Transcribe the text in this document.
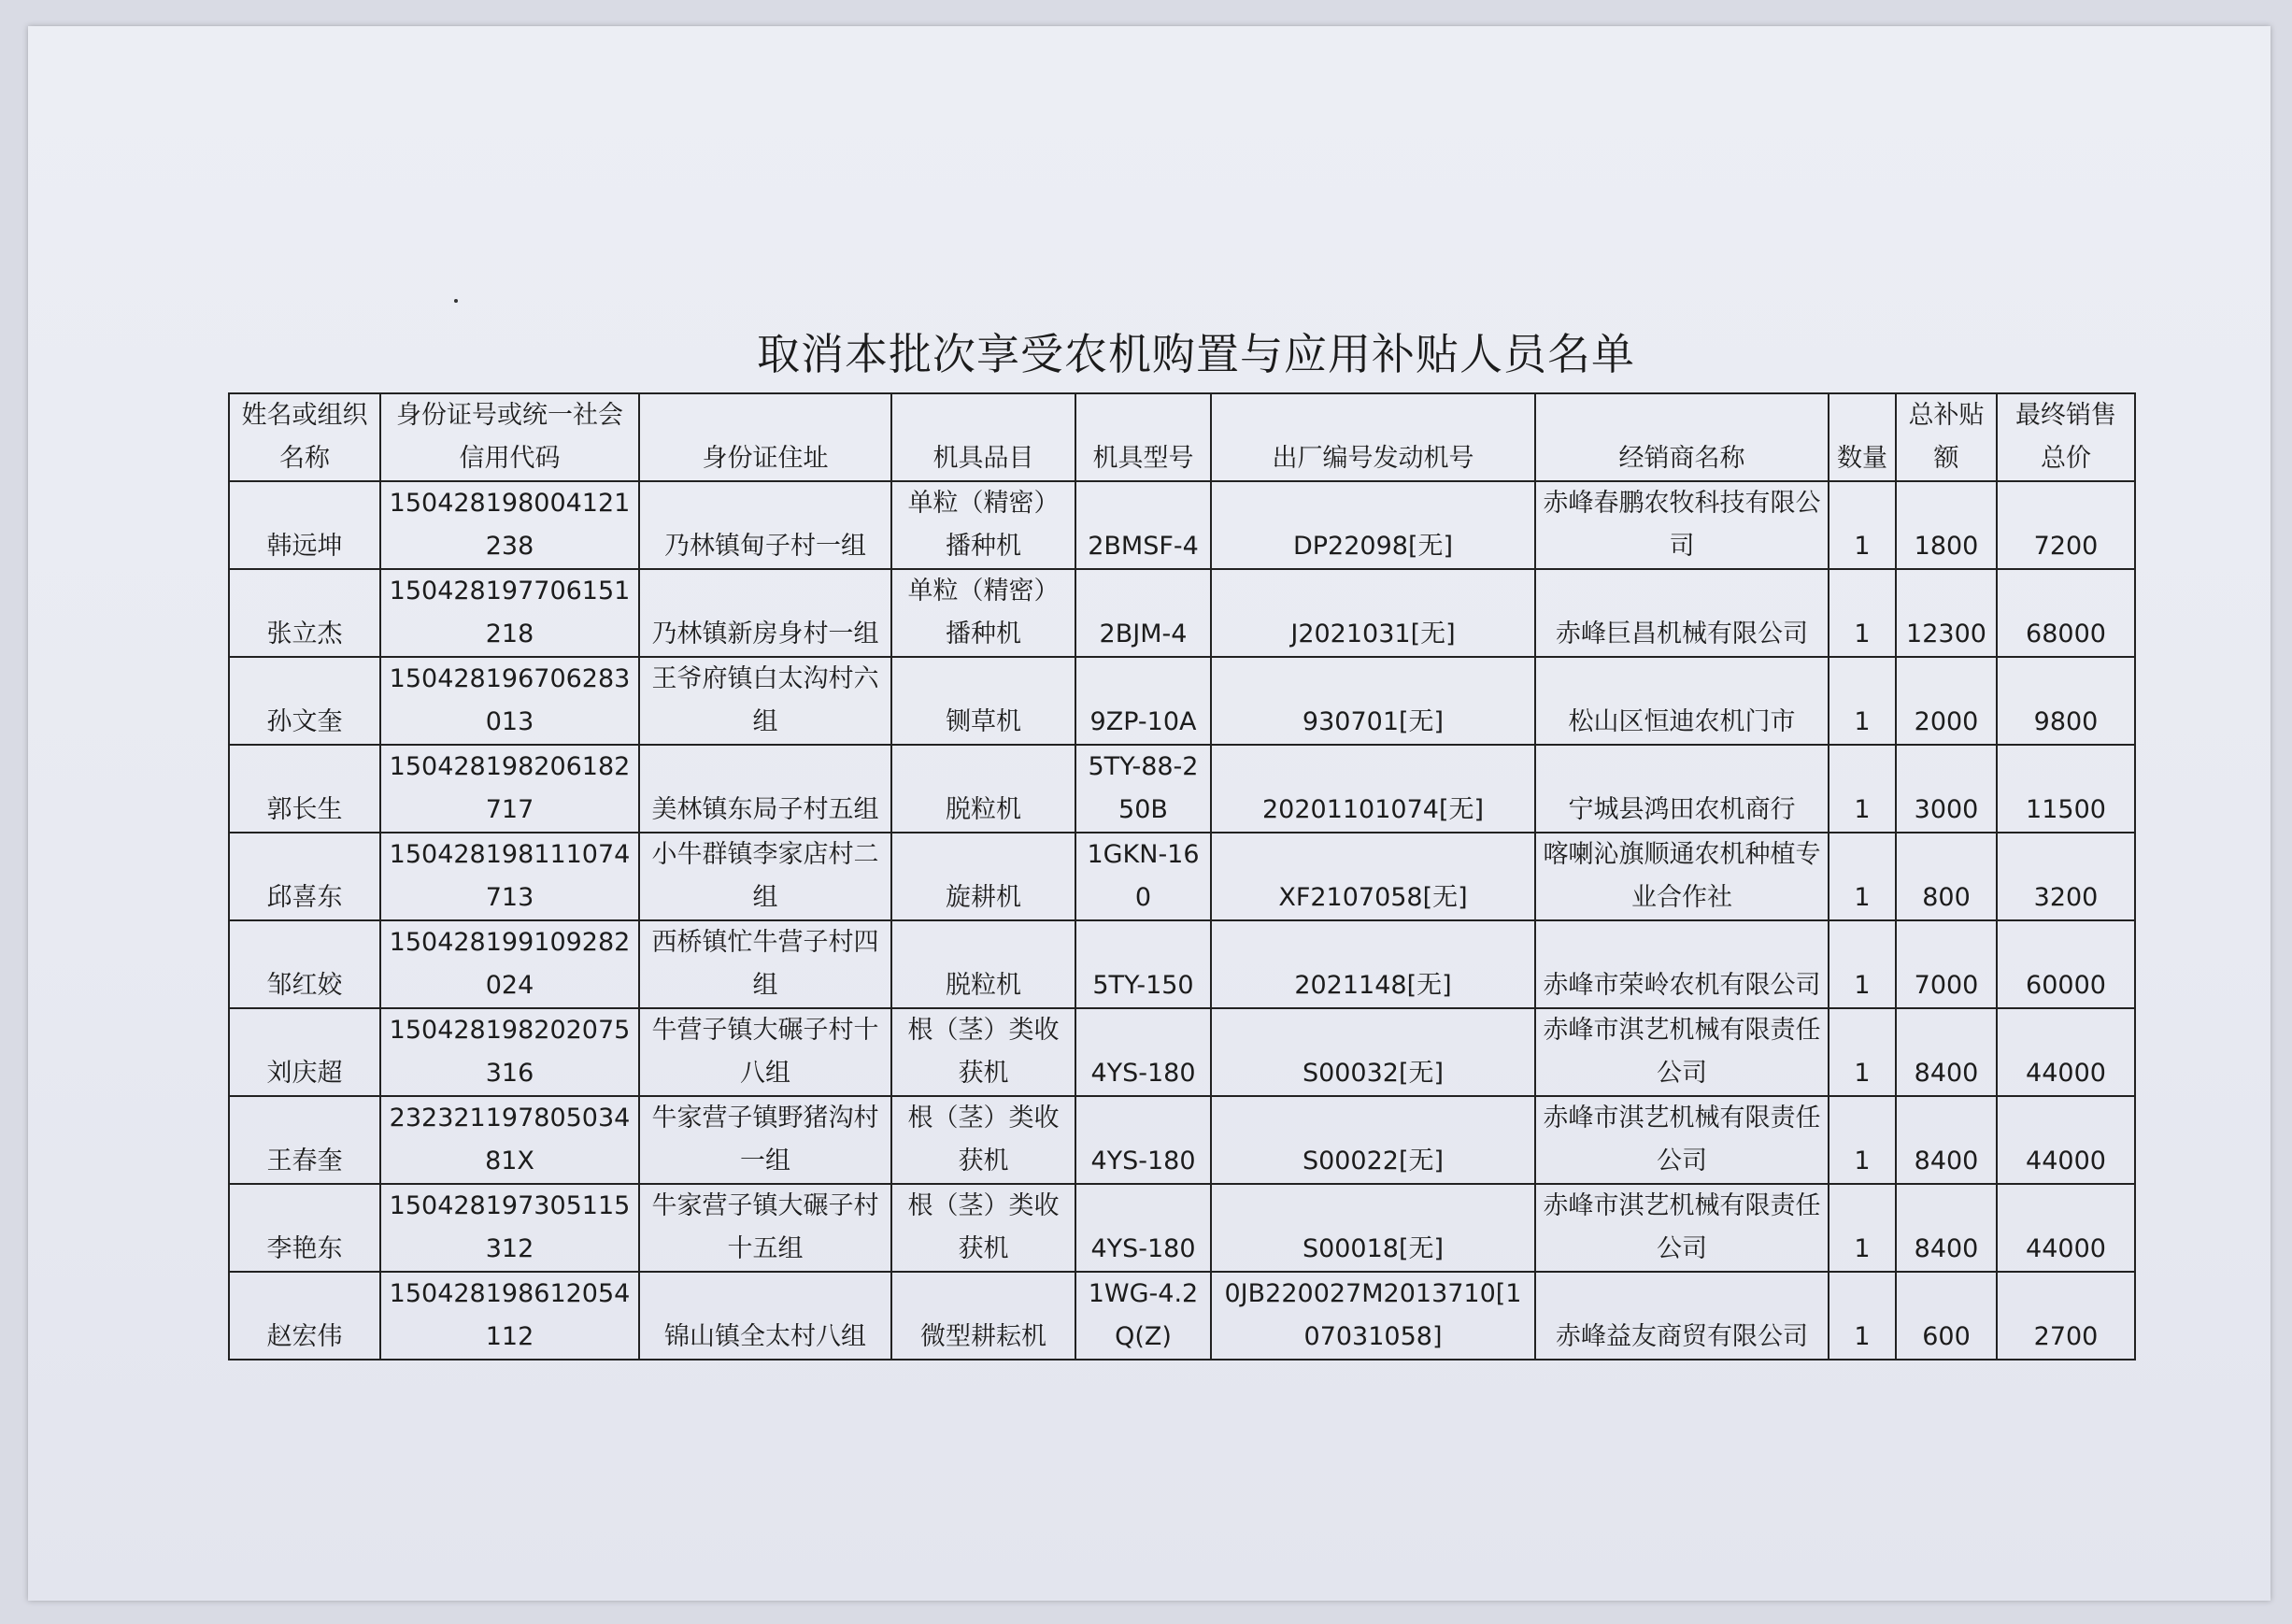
取消本批次享受农机购置与应用补贴人员名单
姓名或组织名称	身份证号或统一社会信用代码	身份证住址	机具品目	机具型号	出厂编号发动机号	经销商名称	数量	总补贴额	最终销售总价
韩远坤	150428198004121238	乃林镇甸子村一组	单粒（精密）播种机	2BMSF-4	DP22098[无]	赤峰春鹏农牧科技有限公司	1	1800	7200
张立杰	150428197706151218	乃林镇新房身村一组	单粒（精密）播种机	2BJM-4	J2021031[无]	赤峰巨昌机械有限公司	1	12300	68000
孙文奎	150428196706283013	王爷府镇白太沟村六组	铡草机	9ZP-10A	930701[无]	松山区恒迪农机门市	1	2000	9800
郭长生	150428198206182717	美林镇东局子村五组	脱粒机	5TY-88-250B	20201101074[无]	宁城县鸿田农机商行	1	3000	11500
邱喜东	150428198111074713	小牛群镇李家店村二组	旋耕机	1GKN-160	XF2107058[无]	喀喇沁旗顺通农机种植专业合作社	1	800	3200
邹红姣	150428199109282024	西桥镇忙牛营子村四组	脱粒机	5TY-150	2021148[无]	赤峰市荣岭农机有限公司	1	7000	60000
刘庆超	150428198202075316	牛营子镇大碾子村十八组	根（茎）类收获机	4YS-180	S00032[无]	赤峰市淇艺机械有限责任公司	1	8400	44000
王春奎	23232119780503481X	牛家营子镇野猪沟村一组	根（茎）类收获机	4YS-180	S00022[无]	赤峰市淇艺机械有限责任公司	1	8400	44000
李艳东	150428197305115312	牛家营子镇大碾子村十五组	根（茎）类收获机	4YS-180	S00018[无]	赤峰市淇艺机械有限责任公司	1	8400	44000
赵宏伟	150428198612054112	锦山镇全太村八组	微型耕耘机	1WG-4.2Q(Z)	0JB220027M2013710[107031058]	赤峰益友商贸有限公司	1	600	2700
